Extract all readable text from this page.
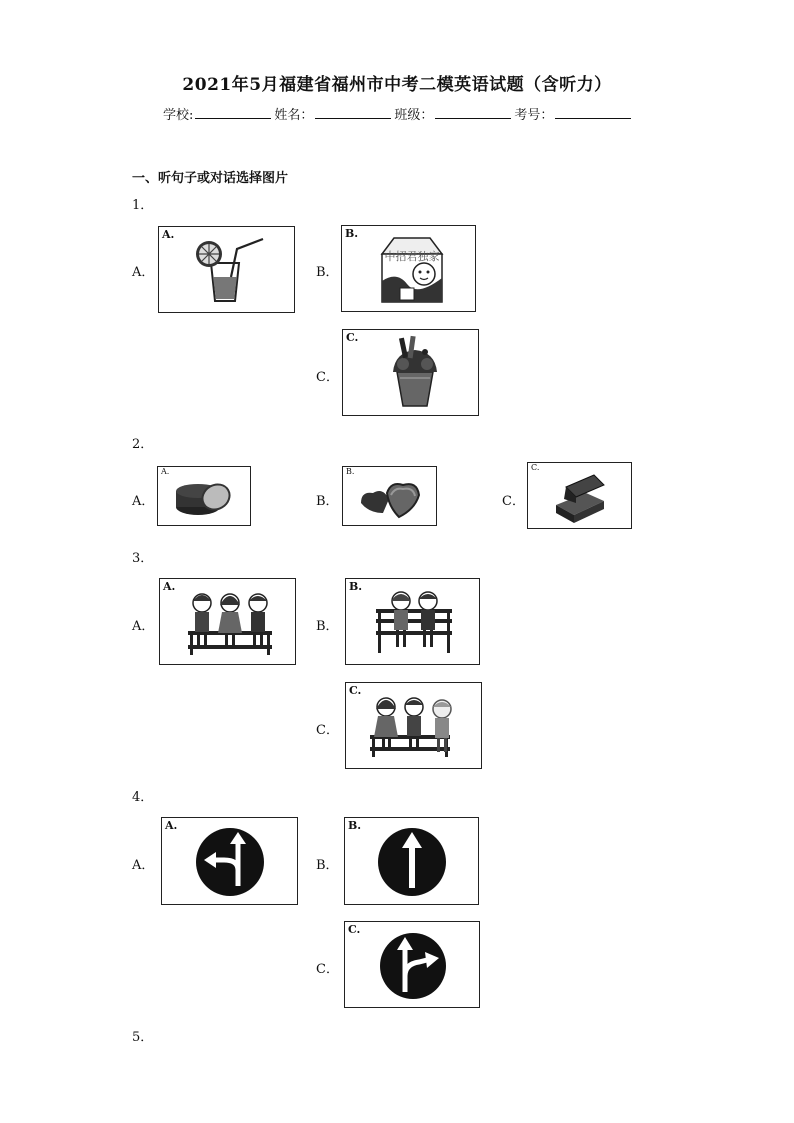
2021年5月福建省福州市中考二模英语试题（含听力）
学校:	姓名：	班级：	考号：
一、听句子或对话选择图片
1．
A．
A.
B．
B.
中招君独家
C．
C.
2．
A．
A.
B．
B.
C．
C.
3．
A．
A.
B．
B.
C．
C.
4．
A．
A.
B．
B.
C．
C.
5．
